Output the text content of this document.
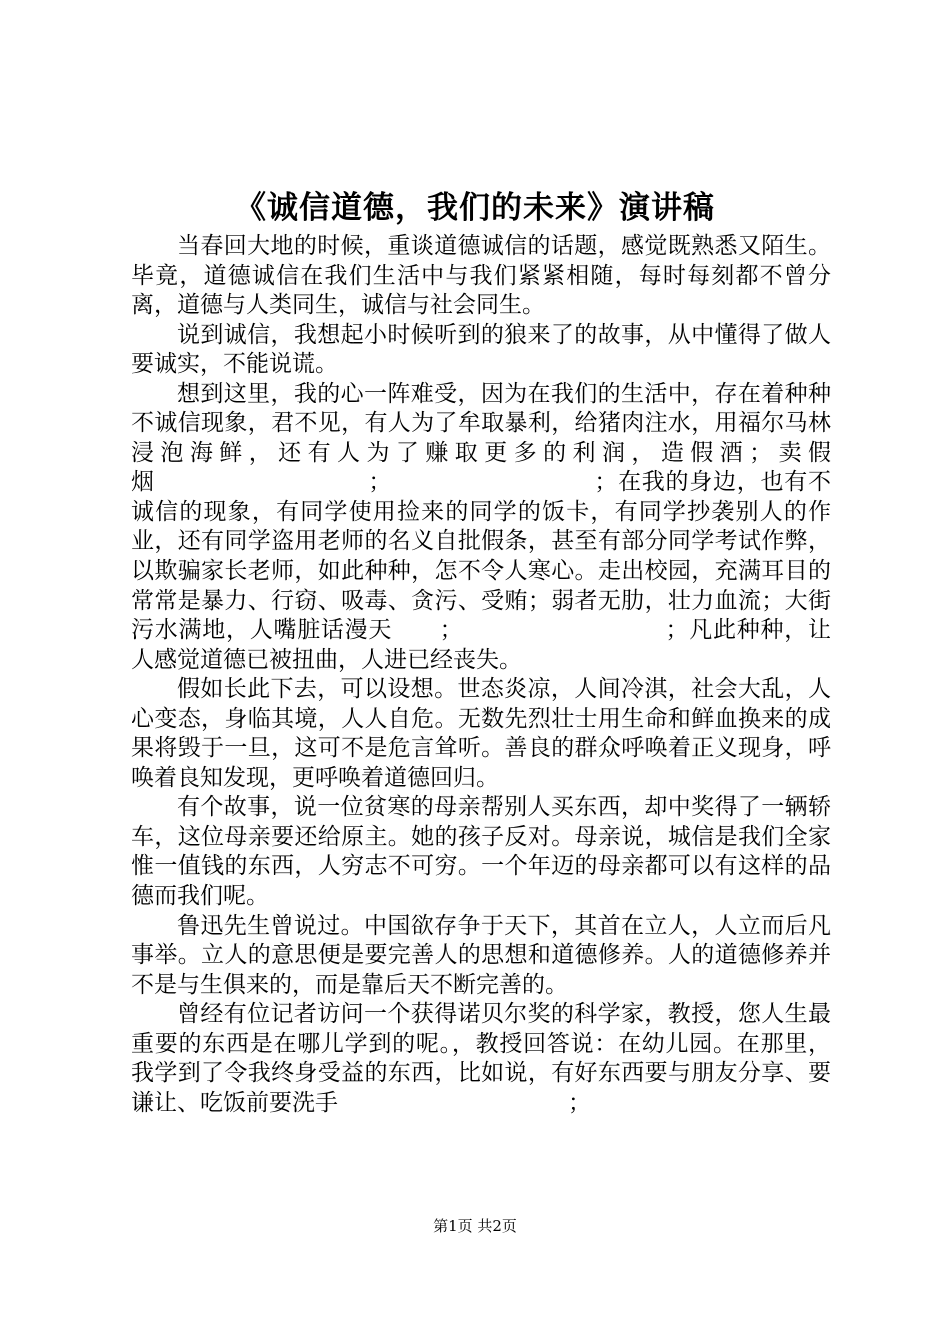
《诚信道德，我们的未来》演讲稿

当春回大地的时候，重谈道德诚信的话题，感觉既熟悉又陌生。毕竟，道德诚信在我们生活中与我们紧紧相随，每时每刻都不曾分离，道德与人类同生，诚信与社会同生。

说到诚信，我想起小时候听到的狼来了的故事，从中懂得了做人要诚实，不能说谎。

想到这里，我的心一阵难受，因为在我们的生活中，存在着种种不诚信现象，君不见，有人为了牟取暴利，给猪肉注水，用福尔马林浸泡海鲜，还有人为了赚取更多的利润，造假酒；卖假烟　　　　　　　　　；　　　　　　　　　；在我的身边，也有不诚信的现象，有同学使用捡来的同学的饭卡，有同学抄袭别人的作业，还有同学盗用老师的名义自批假条，甚至有部分同学考试作弊，以欺骗家长老师，如此种种，怎不令人寒心。走出校园，充满耳目的常常是暴力、行窃、吸毒、贪污、受贿；弱者无肋，壮力血流；大街污水满地，人嘴脏话漫天　　；　　　　　　　　　；凡此种种，让人感觉道德已被扭曲，人进已经丧失。

假如长此下去，可以设想。世态炎凉，人间冷淇，社会大乱，人心变态，身临其境，人人自危。无数先烈壮士用生命和鲜血换来的成果将毁于一旦，这可不是危言耸听。善良的群众呼唤着正义现身，呼唤着良知发现，更呼唤着道德回归。

有个故事，说一位贫寒的母亲帮别人买东西，却中奖得了一辆轿车，这位母亲要还给原主。她的孩子反对。母亲说，城信是我们全家惟一值钱的东西，人穷志不可穷。一个年迈的母亲都可以有这样的品德而我们呢。

鲁迅先生曾说过。中国欲存争于天下，其首在立人，人立而后凡事举。立人的意思便是要完善人的思想和道德修养。人的道德修养并不是与生俱来的，而是靠后天不断完善的。

曾经有位记者访问一个获得诺贝尔奖的科学家，教授，您人生最重要的东西是在哪儿学到的呢。，教授回答说：在幼儿园。在那里，我学到了令我终身受益的东西，比如说，有好东西要与朋友分享、要谦让、吃饭前要洗手　　　　　　　　　　；

第1页 共2页
